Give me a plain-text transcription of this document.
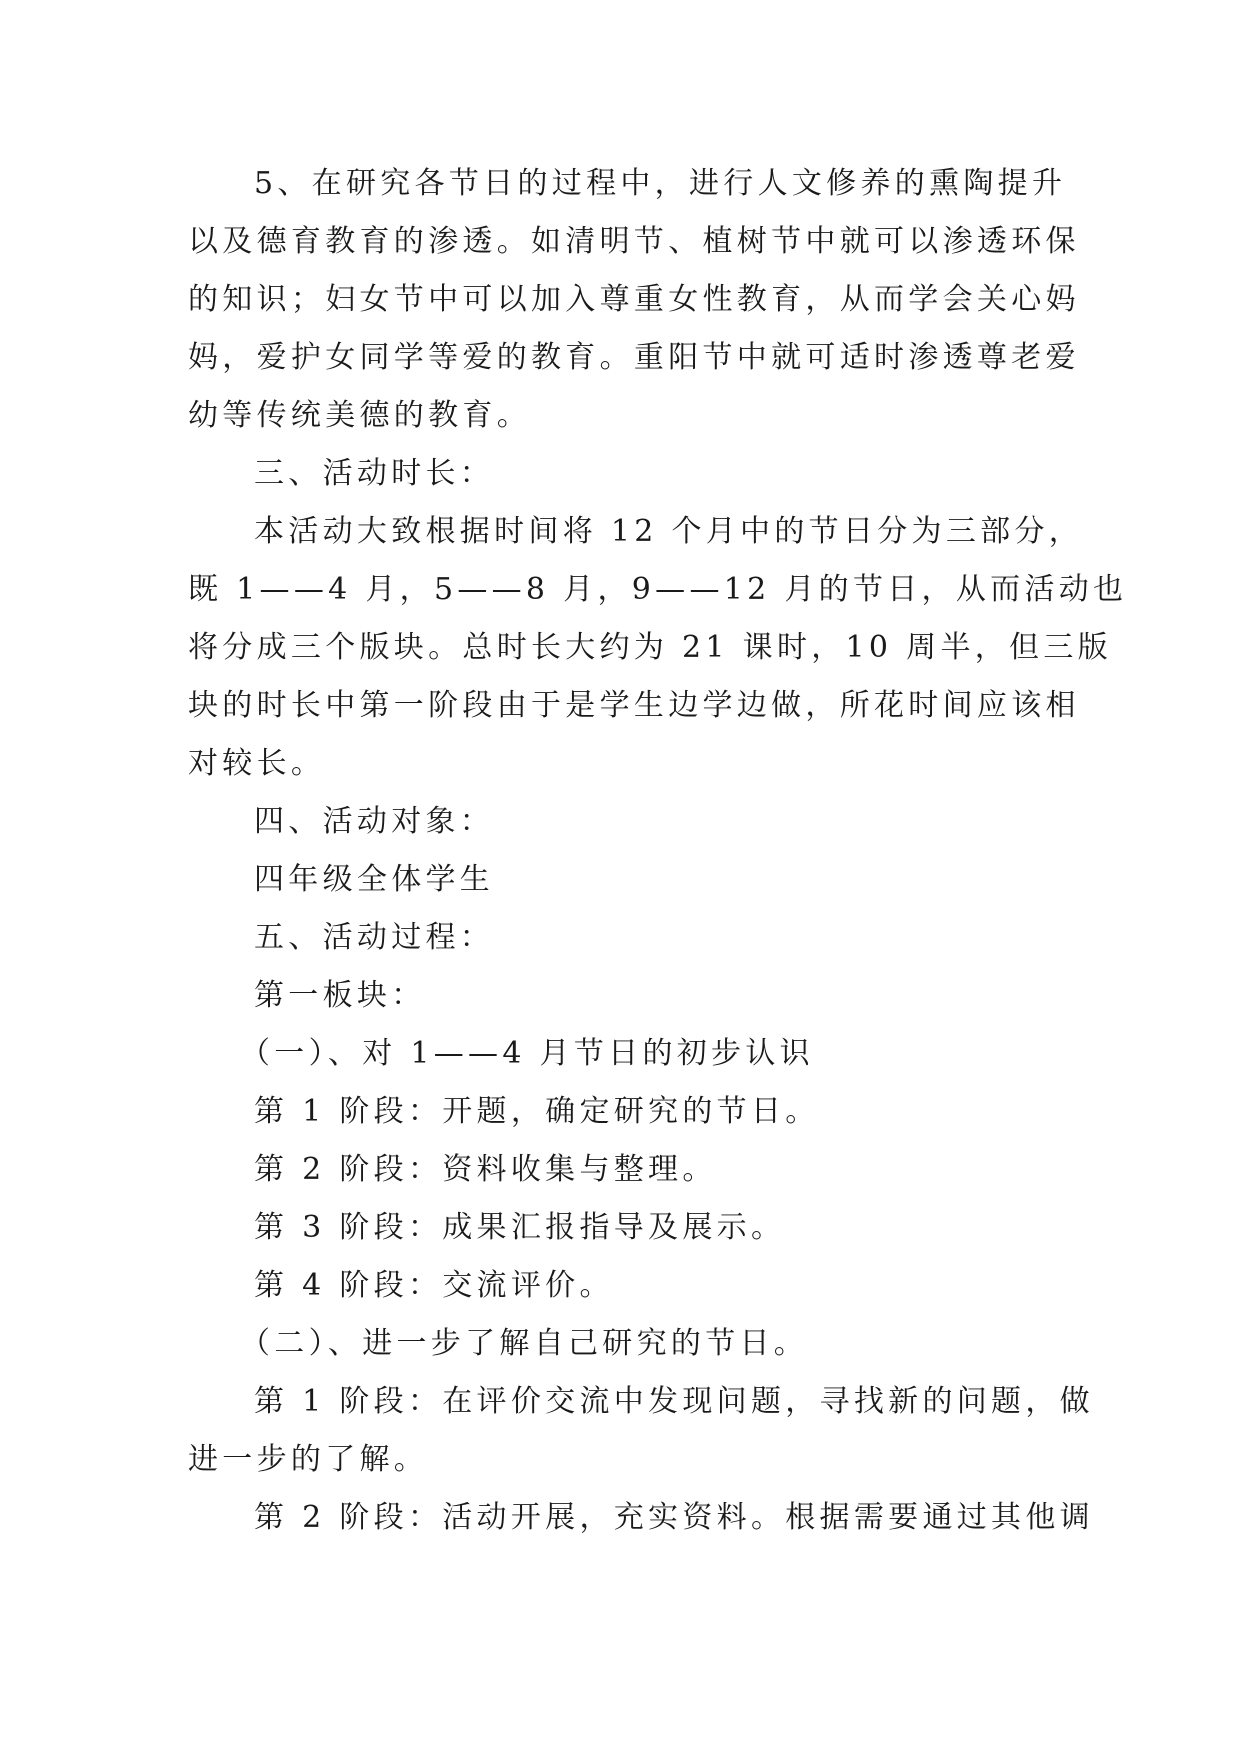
5、在研究各节日的过程中，进行人文修养的熏陶提升

以及德育教育的渗透。如清明节、植树节中就可以渗透环保

的知识；妇女节中可以加入尊重女性教育，从而学会关心妈

妈，爱护女同学等爱的教育。重阳节中就可适时渗透尊老爱

幼等传统美德的教育。

三、活动时长：

本活动大致根据时间将 12 个月中的节日分为三部分，

既 1——4 月，5——8 月，9——12 月的节日，从而活动也

将分成三个版块。总时长大约为 21 课时，10 周半，但三版

块的时长中第一阶段由于是学生边学边做，所花时间应该相

对较长。

四、活动对象：

四年级全体学生

五、活动过程：

第一板块：

（一）、对 1——4 月节日的初步认识

第 1 阶段：开题，确定研究的节日。

第 2 阶段：资料收集与整理。

第 3 阶段：成果汇报指导及展示。

第 4 阶段：交流评价。

（二）、进一步了解自己研究的节日。

第 1 阶段：在评价交流中发现问题，寻找新的问题，做

进一步的了解。

第 2 阶段：活动开展，充实资料。根据需要通过其他调
